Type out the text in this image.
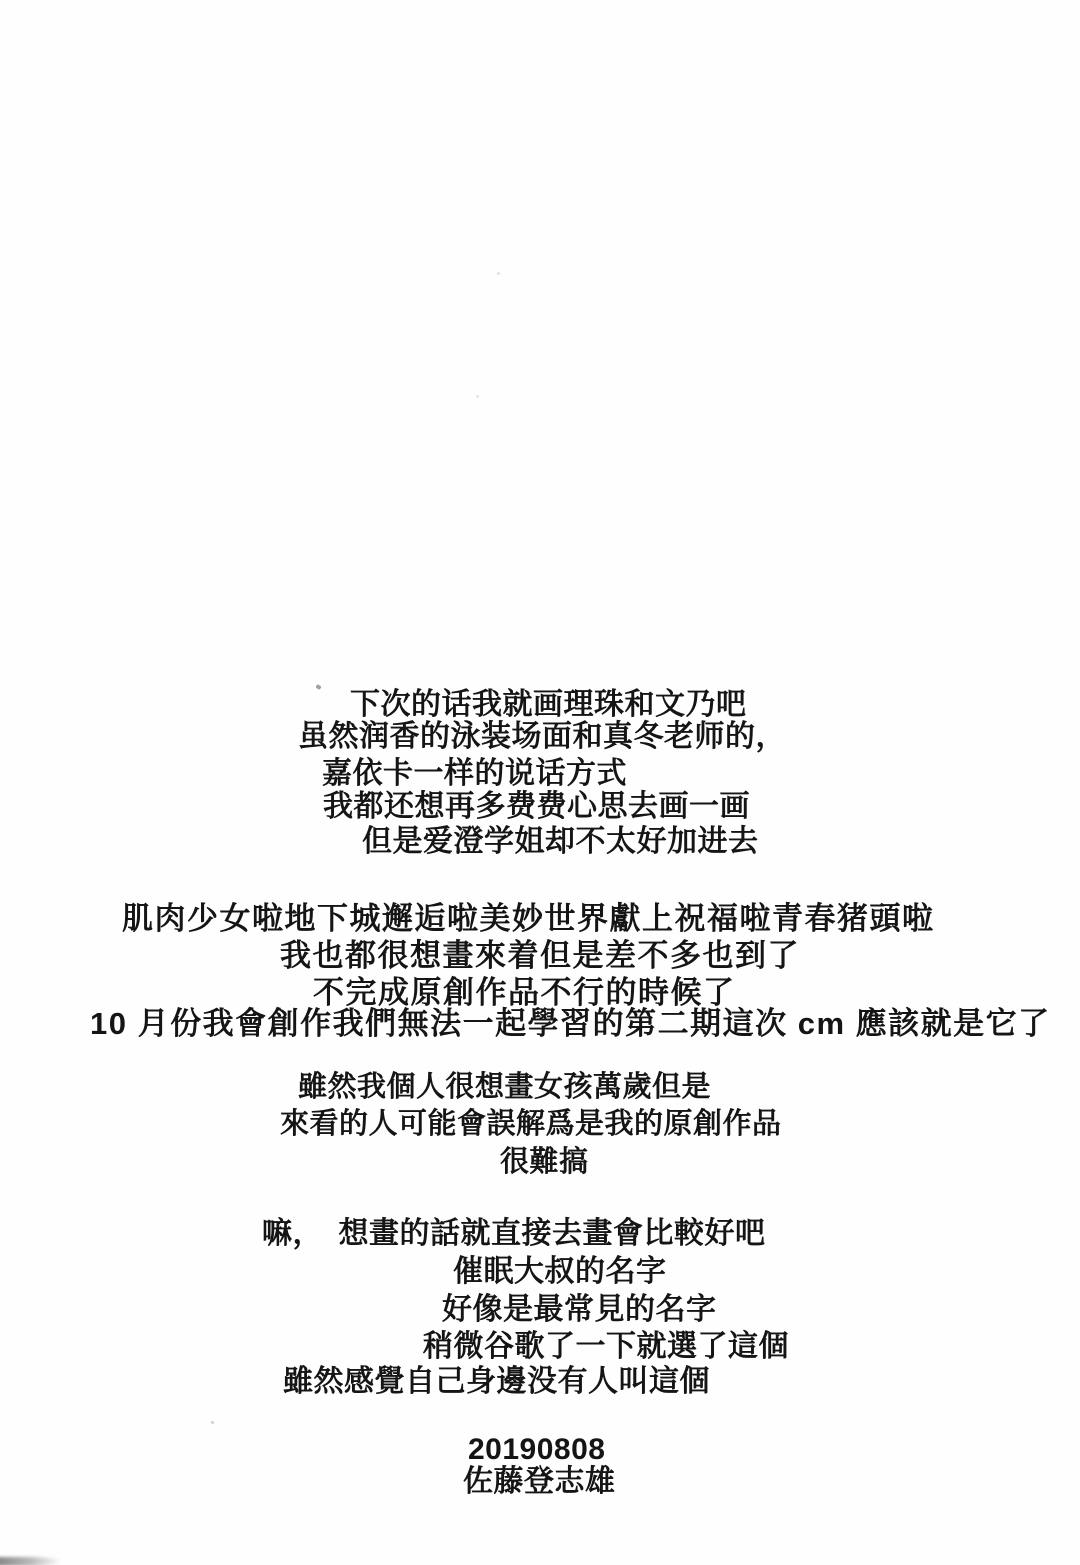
下次的话我就画理珠和文乃吧
虽然润香的泳装场面和真冬老师的，
嘉依卡一样的说话方式
我都还想再多费费心思去画一画
但是爱澄学姐却不太好加进去
肌肉少女啦地下城邂逅啦美妙世界獻上祝福啦青春猪頭啦
我也都很想畫來着但是差不多也到了
不完成原創作品不行的時候了
10 月份我會創作我們無法一起學習的第二期這次 cm 應該就是它了
雖然我個人很想畫女孩萬歲但是
來看的人可能會誤解爲是我的原創作品
很難搞
嘛，　想畫的話就直接去畫會比較好吧
催眠大叔的名字
好像是最常見的名字
稍微谷歌了一下就選了這個
雖然感覺自己身邊没有人叫這個
20190808
佐藤登志雄
